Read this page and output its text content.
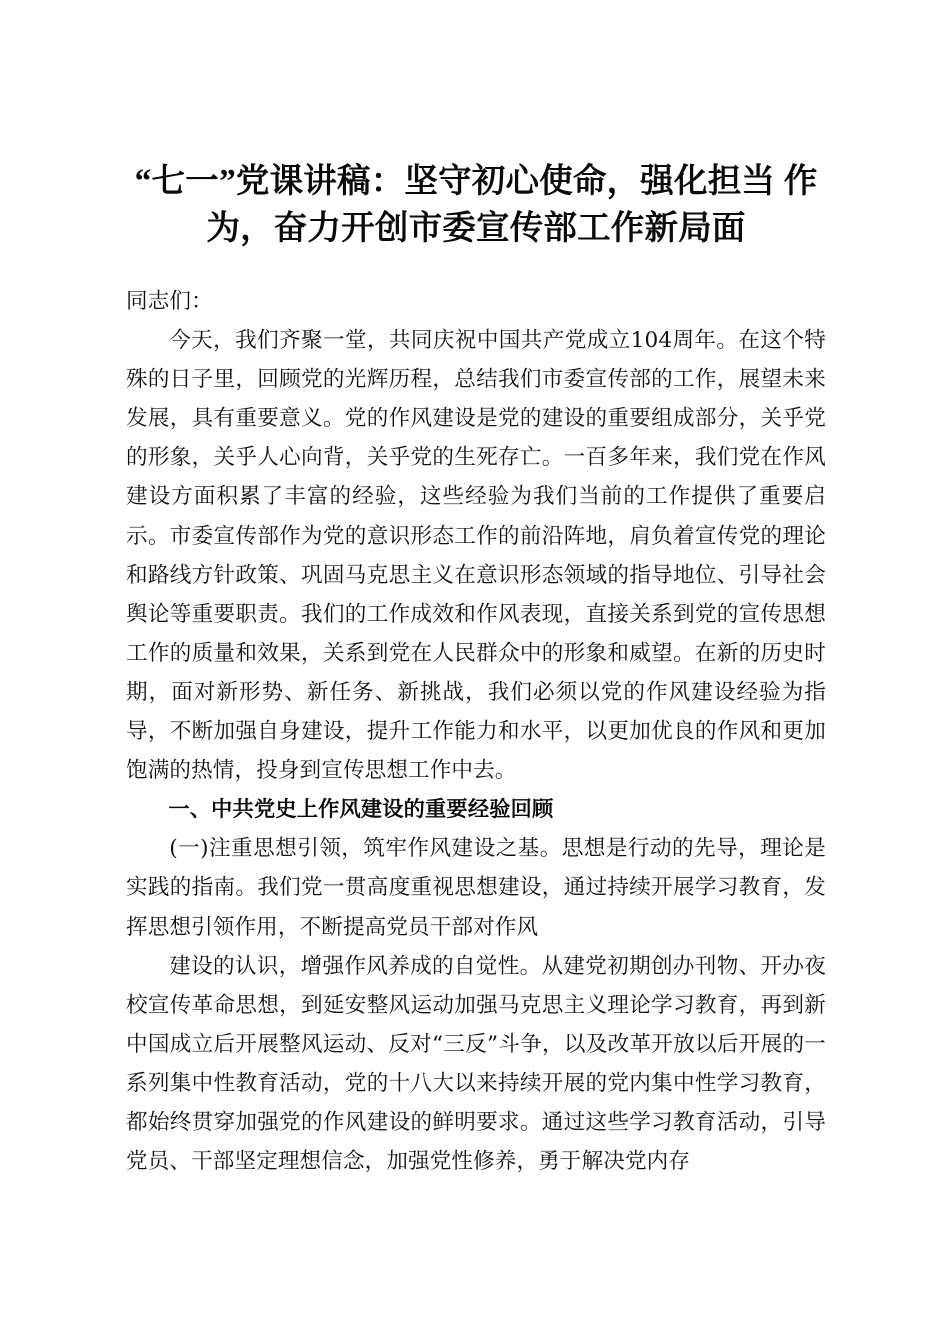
“七一”党课讲稿：坚守初心使命，强化担当 作为，奋力开创市委宣传部工作新局面

同志们：

今天，我们齐聚一堂，共同庆祝中国共产党成立104周年。在这个特殊的日子里，回顾党的光辉历程，总结我们市委宣传部的工作，展望未来发展，具有重要意义。党的作风建设是党的建设的重要组成部分，关乎党的形象，关乎人心向背，关乎党的生死存亡。一百多年来，我们党在作风建设方面积累了丰富的经验，这些经验为我们当前的工作提供了重要启示。市委宣传部作为党的意识形态工作的前沿阵地，肩负着宣传党的理论和路线方针政策、巩固马克思主义在意识形态领域的指导地位、引导社会舆论等重要职责。我们的工作成效和作风表现，直接关系到党的宣传思想工作的质量和效果，关系到党在人民群众中的形象和威望。在新的历史时期，面对新形势、新任务、新挑战，我们必须以党的作风建设经验为指导，不断加强自身建设，提升工作能力和水平，以更加优良的作风和更加饱满的热情，投身到宣传思想工作中去。

一、中共党史上作风建设的重要经验回顾

(一)注重思想引领，筑牢作风建设之基。思想是行动的先导，理论是实践的指南。我们党一贯高度重视思想建设，通过持续开展学习教育，发挥思想引领作用，不断提高党员干部对作风

建设的认识，增强作风养成的自觉性。从建党初期创办刊物、开办夜校宣传革命思想，到延安整风运动加强马克思主义理论学习教育，再到新中国成立后开展整风运动、反对“三反”斗争，以及改革开放以后开展的一系列集中性教育活动，党的十八大以来持续开展的党内集中性学习教育，都始终贯穿加强党的作风建设的鲜明要求。通过这些学习教育活动，引导党员、干部坚定理想信念，加强党性修养，勇于解决党内存
